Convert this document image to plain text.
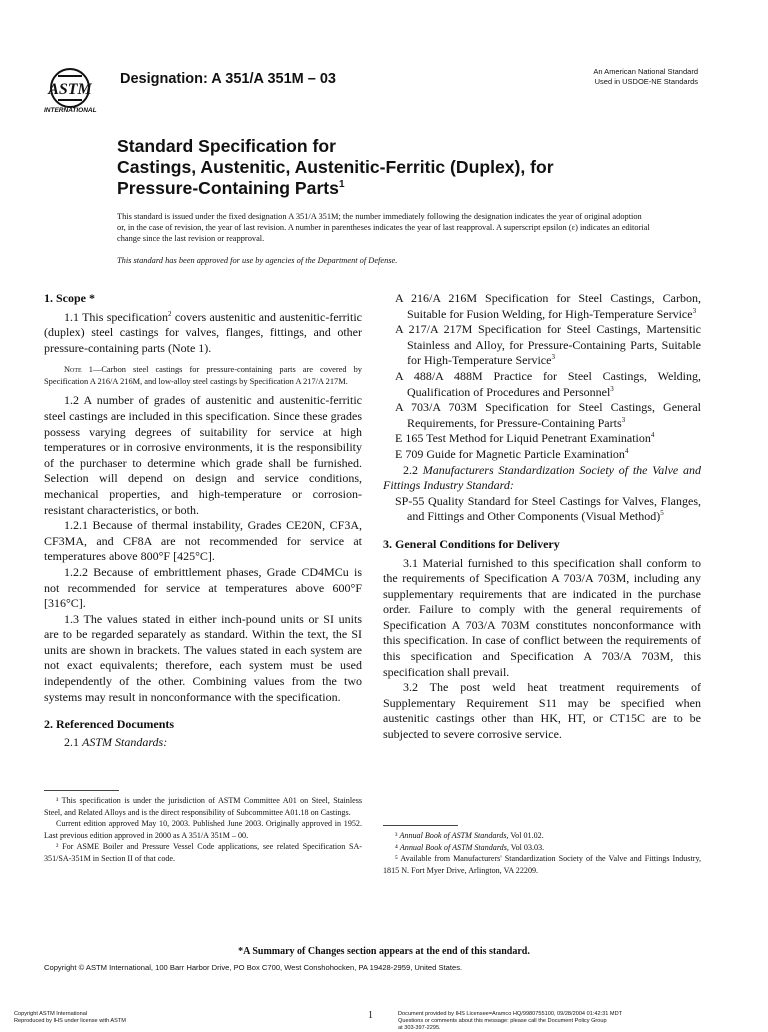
ASTM
INTERNATIONAL
Designation: A 351/A 351M – 03	An American National Standard
Used in USDOE-NE Standards
Standard Specification for
Castings, Austenitic, Austenitic-Ferritic (Duplex), for
Pressure-Containing Parts$^1$
This standard is issued under the fixed designation A 351/A 351M; the number immediately following the designation indicates the year of original adoption or, in the case of revision, the year of last revision. A number in parentheses indicates the year of last reapproval. A superscript epsilon (ε) indicates an editorial change since the last revision or reapproval.
This standard has been approved for use by agencies of the Department of Defense.
1. Scope *

1.1 This specification$^2$ covers austenitic and austenitic-ferritic (duplex) steel castings for valves, flanges, fittings, and other pressure-containing parts (Note 1).

Note 1—Carbon steel castings for pressure-containing parts are covered by Specification A 216/A 216M, and low-alloy steel castings by Specification A 217/A 217M.

1.2 A number of grades of austenitic and austenitic-ferritic steel castings are included in this specification. Since these grades possess varying degrees of suitability for service at high temperatures or in corrosive environments, it is the responsibility of the purchaser to determine which grade shall be furnished. Selection will depend on design and service conditions, mechanical properties, and high-temperature or corrosion-resistant characteristics, or both.

1.2.1 Because of thermal instability, Grades CE20N, CF3A, CF3MA, and CF8A are not recommended for service at temperatures above 800°F [425°C].

1.2.2 Because of embrittlement phases, Grade CD4MCu is not recommended for service at temperatures above 600°F [316°C].

1.3 The values stated in either inch-pound units or SI units are to be regarded separately as standard. Within the text, the SI units are shown in brackets. The values stated in each system are not exact equivalents; therefore, each system must be used independently of the other. Combining values from the two systems may result in nonconformance with the specification.

2. Referenced Documents

2.1 ASTM Standards:

A 216/A 216M Specification for Steel Castings, Carbon, Suitable for Fusion Welding, for High-Temperature Service$^3$

A 217/A 217M Specification for Steel Castings, Martensitic Stainless and Alloy, for Pressure-Containing Parts, Suitable for High-Temperature Service$^3$

A 488/A 488M Practice for Steel Castings, Welding, Qualification of Procedures and Personnel$^3$

A 703/A 703M Specification for Steel Castings, General Requirements, for Pressure-Containing Parts$^3$

E 165 Test Method for Liquid Penetrant Examination$^4$

E 709 Guide for Magnetic Particle Examination$^4$

2.2 Manufacturers Standardization Society of the Valve and Fittings Industry Standard:

SP-55 Quality Standard for Steel Castings for Valves, Flanges, and Fittings and Other Components (Visual Method)$^5$

3. General Conditions for Delivery

3.1 Material furnished to this specification shall conform to the requirements of Specification A 703/A 703M, including any supplementary requirements that are indicated in the purchase order. Failure to comply with the general requirements of Specification A 703/A 703M constitutes nonconformance with this specification. In case of conflict between the requirements of this specification and Specification A 703/A 703M, this specification shall prevail.

3.2 The post weld heat treatment requirements of Supplementary Requirement S11 may be specified when austenitic castings other than HK, HT, or CT15C are to be subjected to severe corrosive service.

¹ This specification is under the jurisdiction of ASTM Committee A01 on Steel, Stainless Steel, and Related Alloys and is the direct responsibility of Subcommittee A01.18 on Castings.

Current edition approved May 10, 2003. Published June 2003. Originally approved in 1952. Last previous edition approved in 2000 as A 351/A 351M – 00.

² For ASME Boiler and Pressure Vessel Code applications, see related Specification SA-351/SA-351M in Section II of that code.

³ Annual Book of ASTM Standards, Vol 01.02.

⁴ Annual Book of ASTM Standards, Vol 03.03.

⁵ Available from Manufacturers' Standardization Society of the Valve and Fittings Industry, 1815 N. Fort Myer Drive, Arlington, VA 22209.

*A Summary of Changes section appears at the end of this standard.
Copyright © ASTM International, 100 Barr Harbor Drive, PO Box C700, West Conshohocken, PA 19428-2959, United States.
Copyright ASTM International
Reproduced by IHS under license with ASTM	1	Document provided by IHS Licensee=Aramco HQ/9980755100, 09/28/2004 01:42:31 MDT
Questions or comments about this message: please call the Document Policy Group
at 303-397-2295.
